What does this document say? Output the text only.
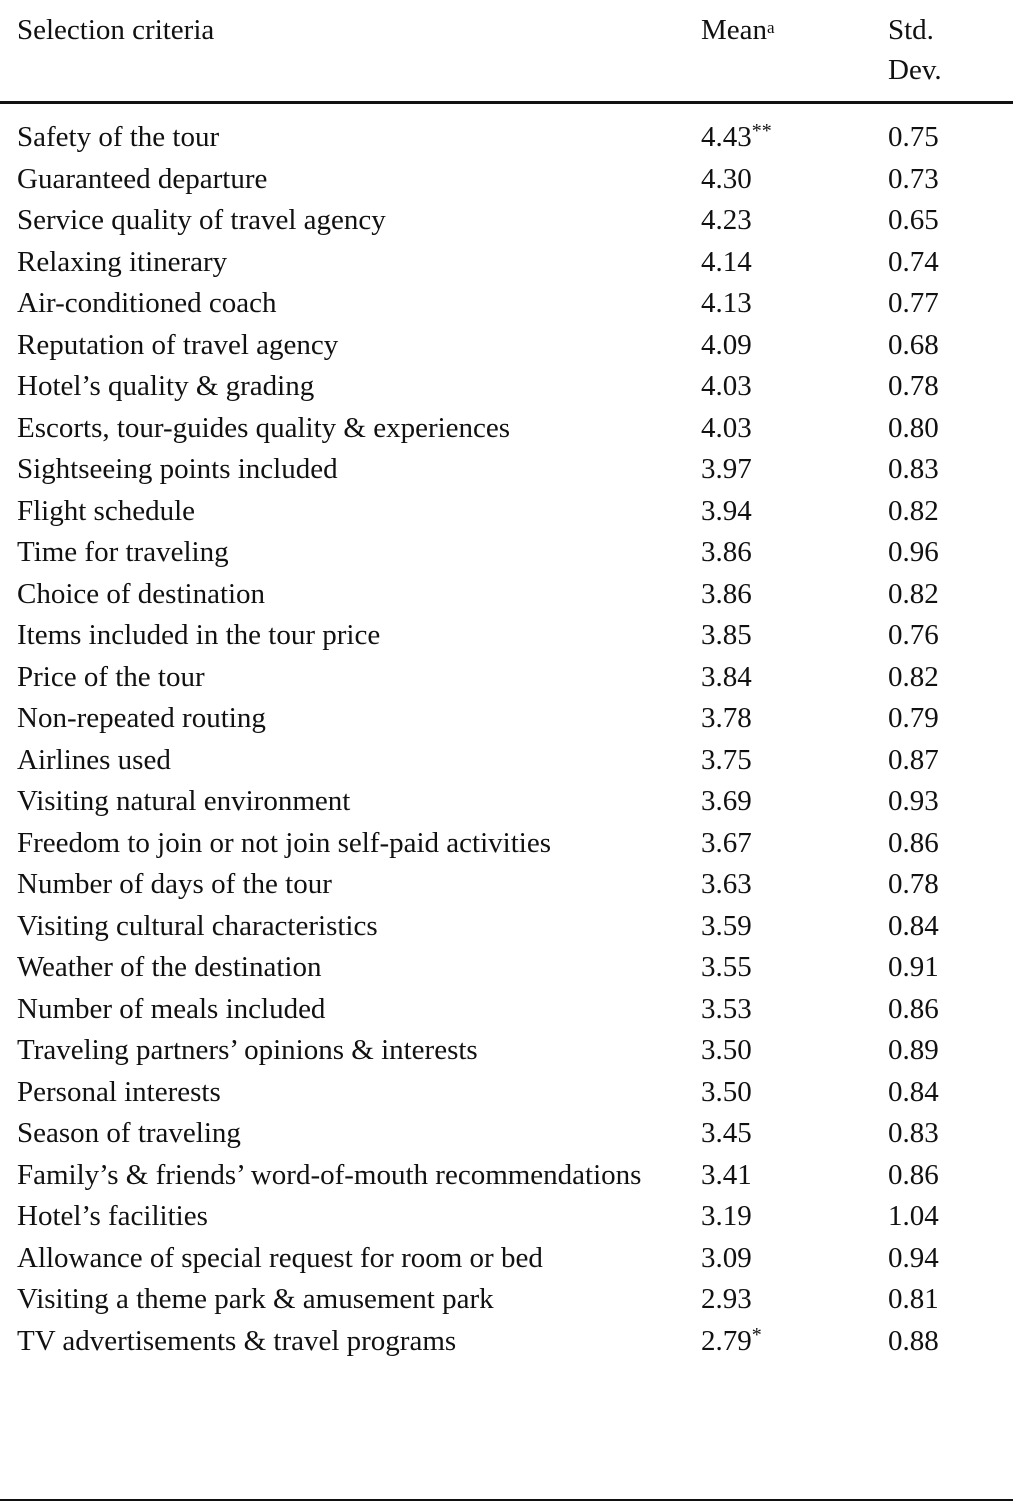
Selection criteria	Mean$^a$	Std.
Dev.
Safety of the tour	4.43**	0.75
Guaranteed departure	4.30	0.73
Service quality of travel agency	4.23	0.65
Relaxing itinerary	4.14	0.74
Air-conditioned coach	4.13	0.77
Reputation of travel agency	4.09	0.68
Hotel’s quality & grading	4.03	0.78
Escorts, tour-guides quality & experiences	4.03	0.80
Sightseeing points included	3.97	0.83
Flight schedule	3.94	0.82
Time for traveling	3.86	0.96
Choice of destination	3.86	0.82
Items included in the tour price	3.85	0.76
Price of the tour	3.84	0.82
Non-repeated routing	3.78	0.79
Airlines used	3.75	0.87
Visiting natural environment	3.69	0.93
Freedom to join or not join self-paid activities	3.67	0.86
Number of days of the tour	3.63	0.78
Visiting cultural characteristics	3.59	0.84
Weather of the destination	3.55	0.91
Number of meals included	3.53	0.86
Traveling partners’ opinions & interests	3.50	0.89
Personal interests	3.50	0.84
Season of traveling	3.45	0.83
Family’s & friends’ word-of-mouth recommendations	3.41	0.86
Hotel’s facilities	3.19	1.04
Allowance of special request for room or bed	3.09	0.94
Visiting a theme park & amusement park	2.93	0.81
TV advertisements & travel programs	2.79*	0.88
